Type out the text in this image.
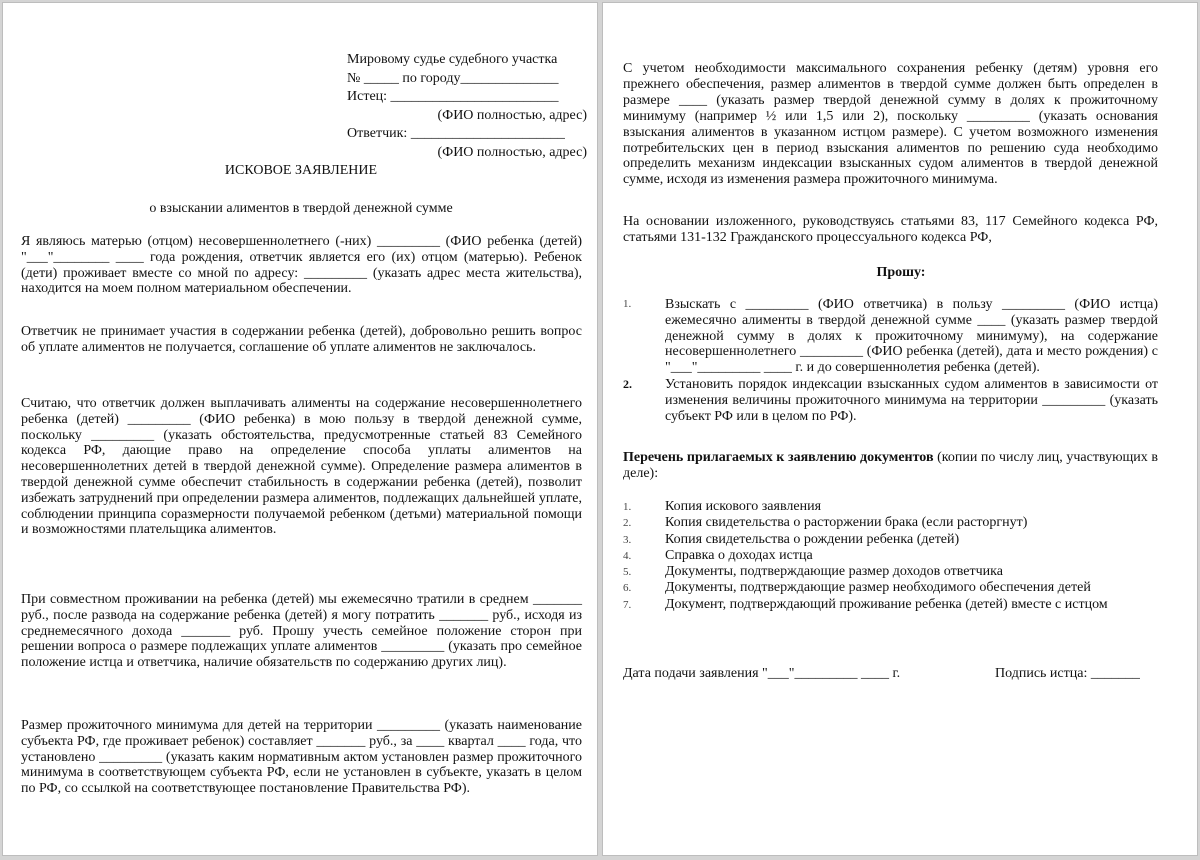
Мировому судье судебного участка
№ _____ по городу______________
Истец: ________________________
(ФИО полностью, адрес)
Ответчик: ______________________
(ФИО полностью, адрес)
ИСКОВОЕ ЗАЯВЛЕНИЕ
о взыскании алиментов в твердой денежной сумме

Я являюсь матерью (отцом) несовершеннолетнего (-них) _________ (ФИО ребенка (детей) "___"________ ____ года рождения, ответчик является его (их) отцом (матерью). Ребенок (дети) проживает вместе со мной по адресу: _________ (указать адрес места жительства), находится на моем полном материальном обеспечении.

Ответчик не принимает участия в содержании ребенка (детей), добровольно решить вопрос об уплате алиментов не получается, соглашение об уплате алиментов не заключалось.

Считаю, что ответчик должен выплачивать алименты на содержание несовершеннолетнего ребенка (детей) _________ (ФИО ребенка) в мою пользу в твердой денежной сумме, поскольку _________ (указать обстоятельства, предусмотренные статьей 83 Семейного кодекса РФ, дающие право на определение способа уплаты алиментов на несовершеннолетних детей в твердой денежной сумме). Определение размера алиментов в твердой денежной сумме обеспечит стабильность в содержании ребенка (детей), позволит избежать затруднений при определении размера алиментов, подлежащих дальнейшей уплате, соблюдении принципа соразмерности получаемой ребенком (детьми) материальной помощи и возможностями плательщика алиментов.

При совместном проживании на ребенка (детей) мы ежемесячно тратили в среднем _______ руб., после развода на содержание ребенка (детей) я могу потратить _______ руб., исходя из среднемесячного дохода _______ руб. Прошу учесть семейное положение сторон при решении вопроса о размере подлежащих уплате алиментов _________ (указать про семейное положение истца и ответчика, наличие обязательств по содержанию других лиц).

Размер прожиточного минимума для детей на территории _________ (указать наименование субъекта РФ, где проживает ребенок) составляет _______ руб., за ____ квартал ____ года, что установлено _________ (указать каким нормативным актом установлен размер прожиточного минимума в соответствующем субъекта РФ, если не установлен в субъекте, указать в целом по РФ, со ссылкой на соответствующее постановление Правительства РФ).

С учетом необходимости максимального сохранения ребенку (детям) уровня его прежнего обеспечения, размер алиментов в твердой сумме должен быть определен в размере ____ (указать размер твердой денежной сумму в долях к прожиточному минимуму (например ½ или 1,5 или 2), поскольку _________ (указать основания взыскания алиментов в указанном истцом размере). С учетом возможного изменения потребительских цен в период взыскания алиментов по решению суда необходимо определить механизм индексации взысканных судом алиментов в твердой денежной сумме, исходя из изменения размера прожиточного минимума.

На основании изложенного, руководствуясь статьями 83, 117 Семейного кодекса РФ, статьями 131-132 Гражданского процессуального кодекса РФ,

Прошу:
1. Взыскать с _________ (ФИО ответчика) в пользу _________ (ФИО истца) ежемесячно алименты в твердой денежной сумме ____ (указать размер твердой денежной сумму в долях к прожиточному минимуму), на содержание несовершеннолетнего _________ (ФИО ребенка (детей), дата и место рождения) с "___"_________ ____ г. и до совершеннолетия ребенка (детей).
2. Установить порядок индексации взысканных судом алиментов в зависимости от изменения величины прожиточного минимума на территории _________ (указать субъект РФ или в целом по РФ).

Перечень прилагаемых к заявлению документов (копии по числу лиц, участвующих в деле):

1. Копия искового заявления
2. Копия свидетельства о расторжении брака (если расторгнут)
3. Копия свидетельства о рождении ребенка (детей)
4. Справка о доходах истца
5. Документы, подтверждающие размер доходов ответчика
6. Документы, подтверждающие размер необходимого обеспечения детей
7. Документ, подтверждающий проживание ребенка (детей) вместе с истцом
Дата подачи заявления "___"_________ ____ г.	Подпись истца: _______
